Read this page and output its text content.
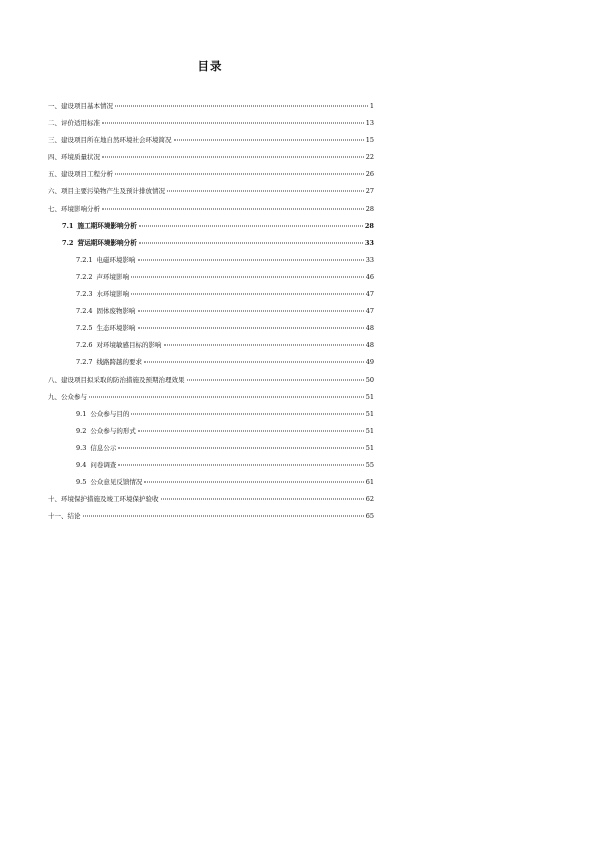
目录
一、建设项目基本情况	1
二、评价适用标准	13
三、建设项目所在地自然环境社会环境简况	15
四、环境质量状况	22
五、建设项目工程分析	26
六、项目主要污染物产生及预计排放情况	27
七、环境影响分析	28
7.1 施工期环境影响分析	28
7.2 营运期环境影响分析	33
7.2.1 电磁环境影响	33
7.2.2 声环境影响	46
7.2.3 水环境影响	47
7.2.4 固体废物影响	47
7.2.5 生态环境影响	48
7.2.6 对环境敏感目标的影响	48
7.2.7 线路跨越的要求	49
八、建设项目拟采取的防治措施及预期治理效果	50
九、公众参与	51
9.1 公众参与目的	51
9.2 公众参与的形式	51
9.3 信息公示	51
9.4 问卷调查	55
9.5 公众意见反馈情况	61
十、环境保护措施及竣工环境保护验收	62
十一、结论	65
